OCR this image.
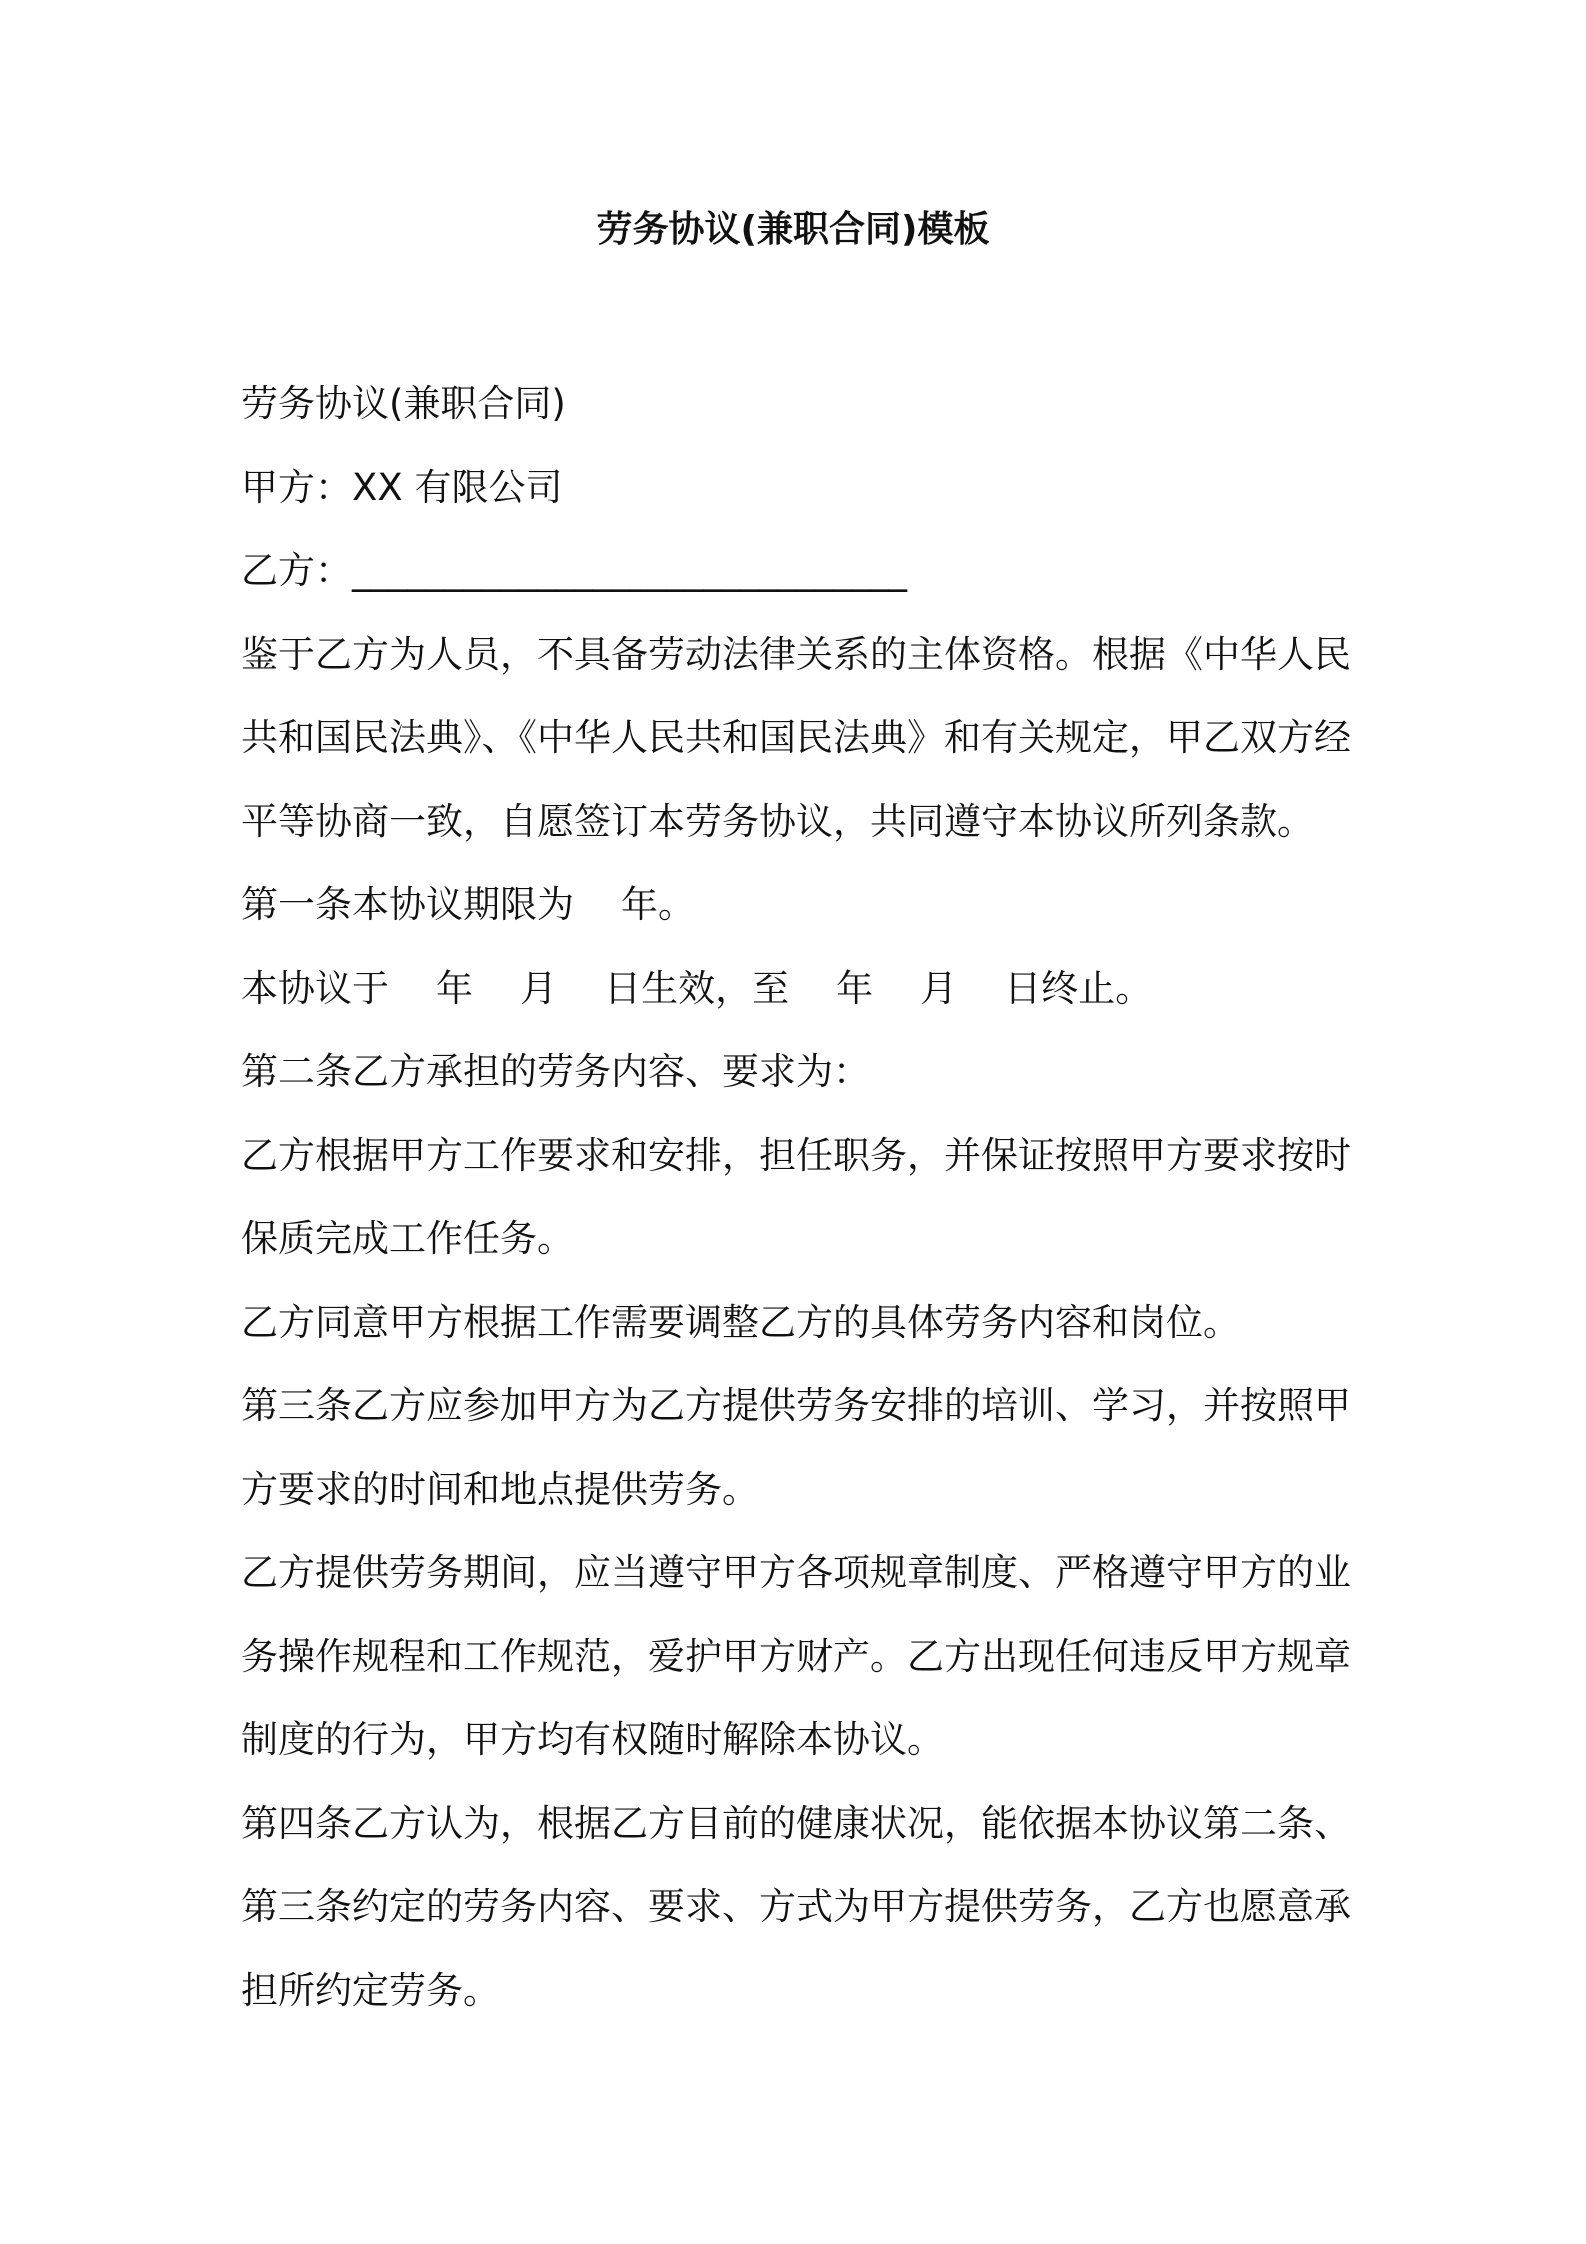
劳务协议(兼职合同)模板
劳务协议(兼职合同)
甲方：XX 有限公司
乙方：______________________________
鉴于乙方为人员，不具备劳动法律关系的主体资格。根据《中华人民
共和国民法典》、《中华人民共和国民法典》和有关规定，甲乙双方经
平等协商一致，自愿签订本劳务协议，共同遵守本协议所列条款。
第一条本协议期限为    年。
本协议于    年    月    日生效，至    年    月    日终止。
第二条乙方承担的劳务内容、要求为：
乙方根据甲方工作要求和安排，担任职务，并保证按照甲方要求按时
保质完成工作任务。
乙方同意甲方根据工作需要调整乙方的具体劳务内容和岗位。
第三条乙方应参加甲方为乙方提供劳务安排的培训、学习，并按照甲
方要求的时间和地点提供劳务。
乙方提供劳务期间，应当遵守甲方各项规章制度、严格遵守甲方的业
务操作规程和工作规范，爱护甲方财产。乙方出现任何违反甲方规章
制度的行为，甲方均有权随时解除本协议。
第四条乙方认为，根据乙方目前的健康状况，能依据本协议第二条、
第三条约定的劳务内容、要求、方式为甲方提供劳务，乙方也愿意承
担所约定劳务。
